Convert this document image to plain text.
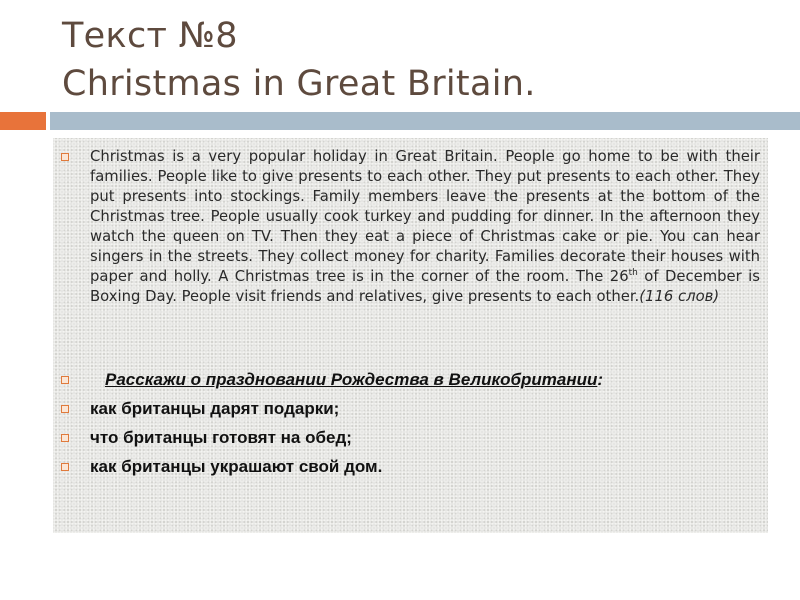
Текст №8
Christmas in Great Britain.
Christmas is a very popular holiday in Great Britain. People go home to be with their families. People like to give presents to each other. They put presents to each other. They put presents into stockings. Family members leave the presents at the bottom of the Christmas tree. People usually cook turkey and pudding for dinner. In the afternoon they watch the queen on TV. Then they eat a piece of Christmas cake or pie. You can hear singers in the streets. They collect money for charity. Families decorate their houses with paper and holly. A Christmas tree is in the corner of the room. The 26th of December is Boxing Day. People visit friends and relatives, give presents to each other.(116 слов)
Расскажи о праздновании Рождества в Великобритании:
как британцы дарят подарки;
что британцы готовят на обед;
как британцы украшают свой дом.
